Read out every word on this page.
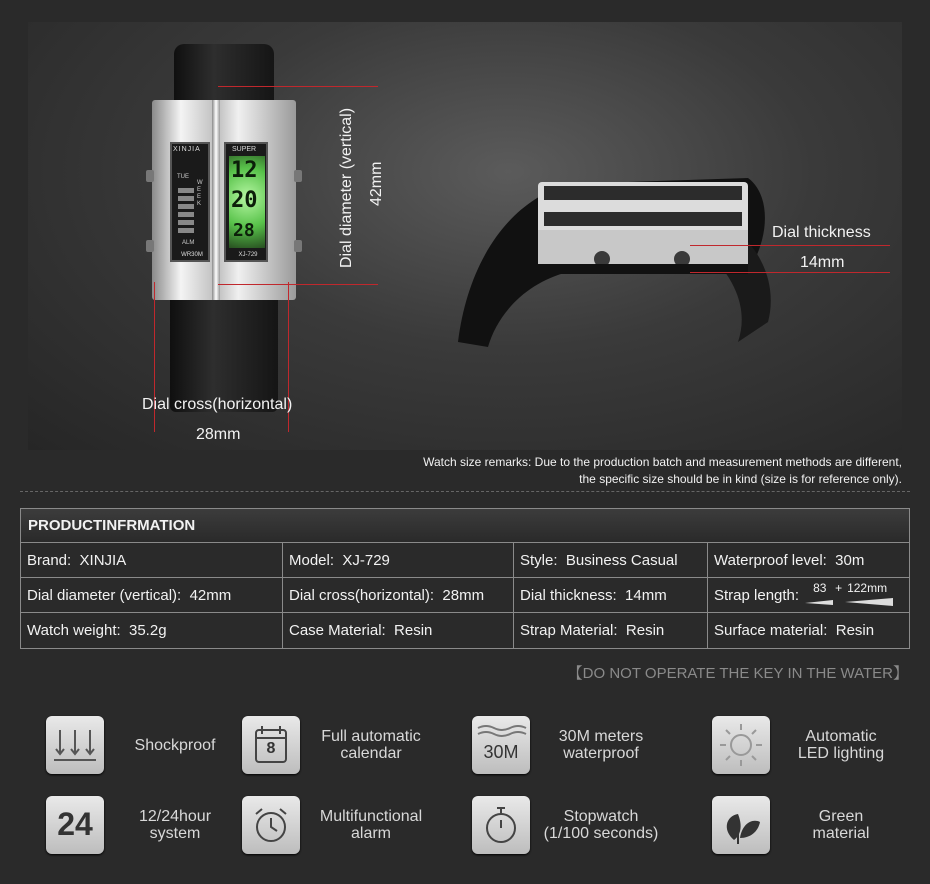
XINJIA
TUE
WEEK
ALM
WR30M
SUPER
12
20
28
XJ-729	Dial diameter (vertical) 42mm
Dial cross(horizontal)
28mm
Dial thickness
14mm
Watch size remarks: Due to the production batch and measurement methods are different,
the specific size should be in kind (size is for reference only).
PRODUCTINFRMATION
Brand: XINJIA	Model: XJ-729	Style: Business Casual	Waterproof level: 30m
Dial diameter (vertical): 42mm	Dial cross(horizontal): 28mm	Dial thickness: 14mm	Strap length: 83 + 122mm
Watch weight: 35.2g	Case Material: Resin	Strap Material: Resin	Surface material: Resin
【DO NOT OPERATE THE KEY IN THE WATER】
Shockproof	8
Full automatic
calendar	30M
30M meters
waterproof
Automatic
LED lighting
24	12/24hour
system
Multifunctional
alarm
Stopwatch
(1/100 seconds)
Green
material
